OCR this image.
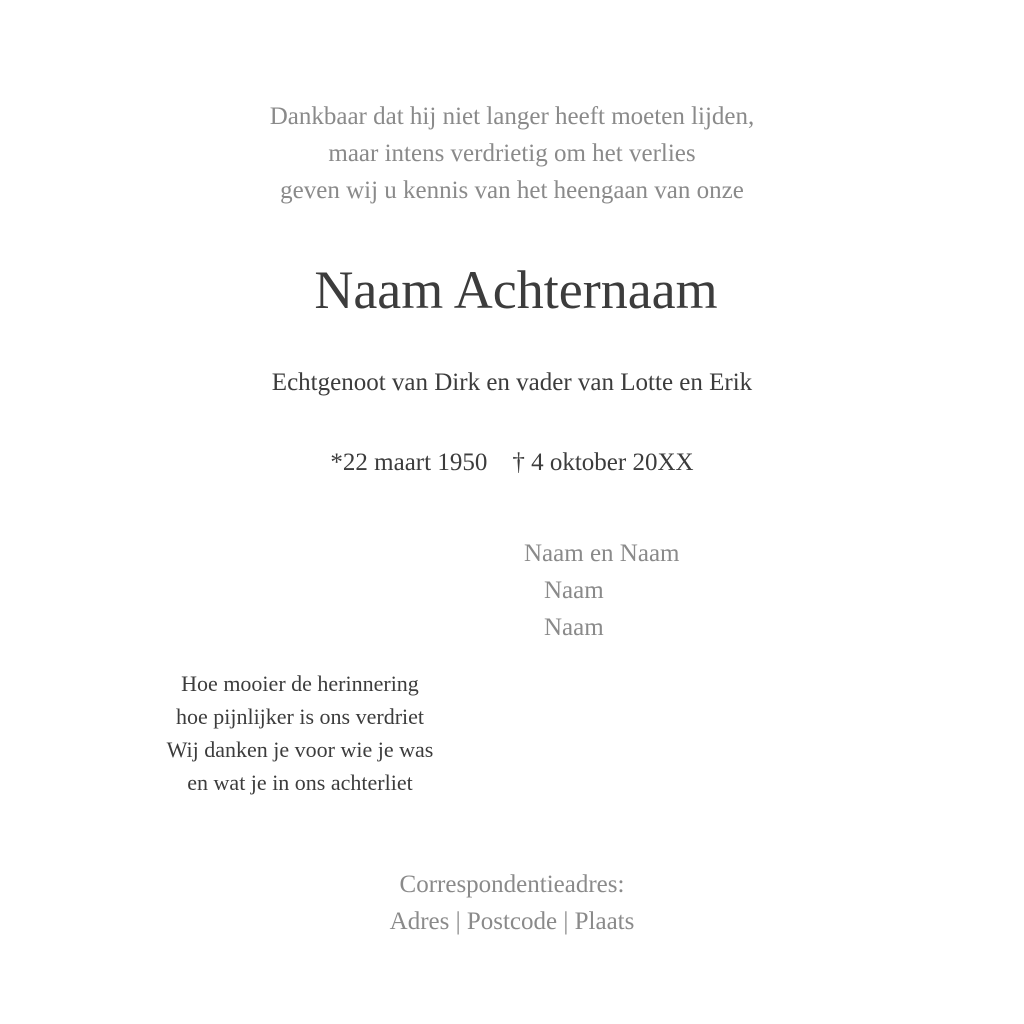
Dankbaar dat hij niet langer heeft moeten lijden,
maar intens verdrietig om het verlies
geven wij u kennis van het heengaan van onze
Naam Achternaam
Echtgenoot van Dirk en vader van Lotte en Erik
*22 maart 1950    † 4 oktober 20XX
Naam en Naam
Naam
Naam
Hoe mooier de herinnering
hoe pijnlijker is ons verdriet
Wij danken je voor wie je was
en wat je in ons achterliet
Correspondentieadres:
Adres | Postcode | Plaats
